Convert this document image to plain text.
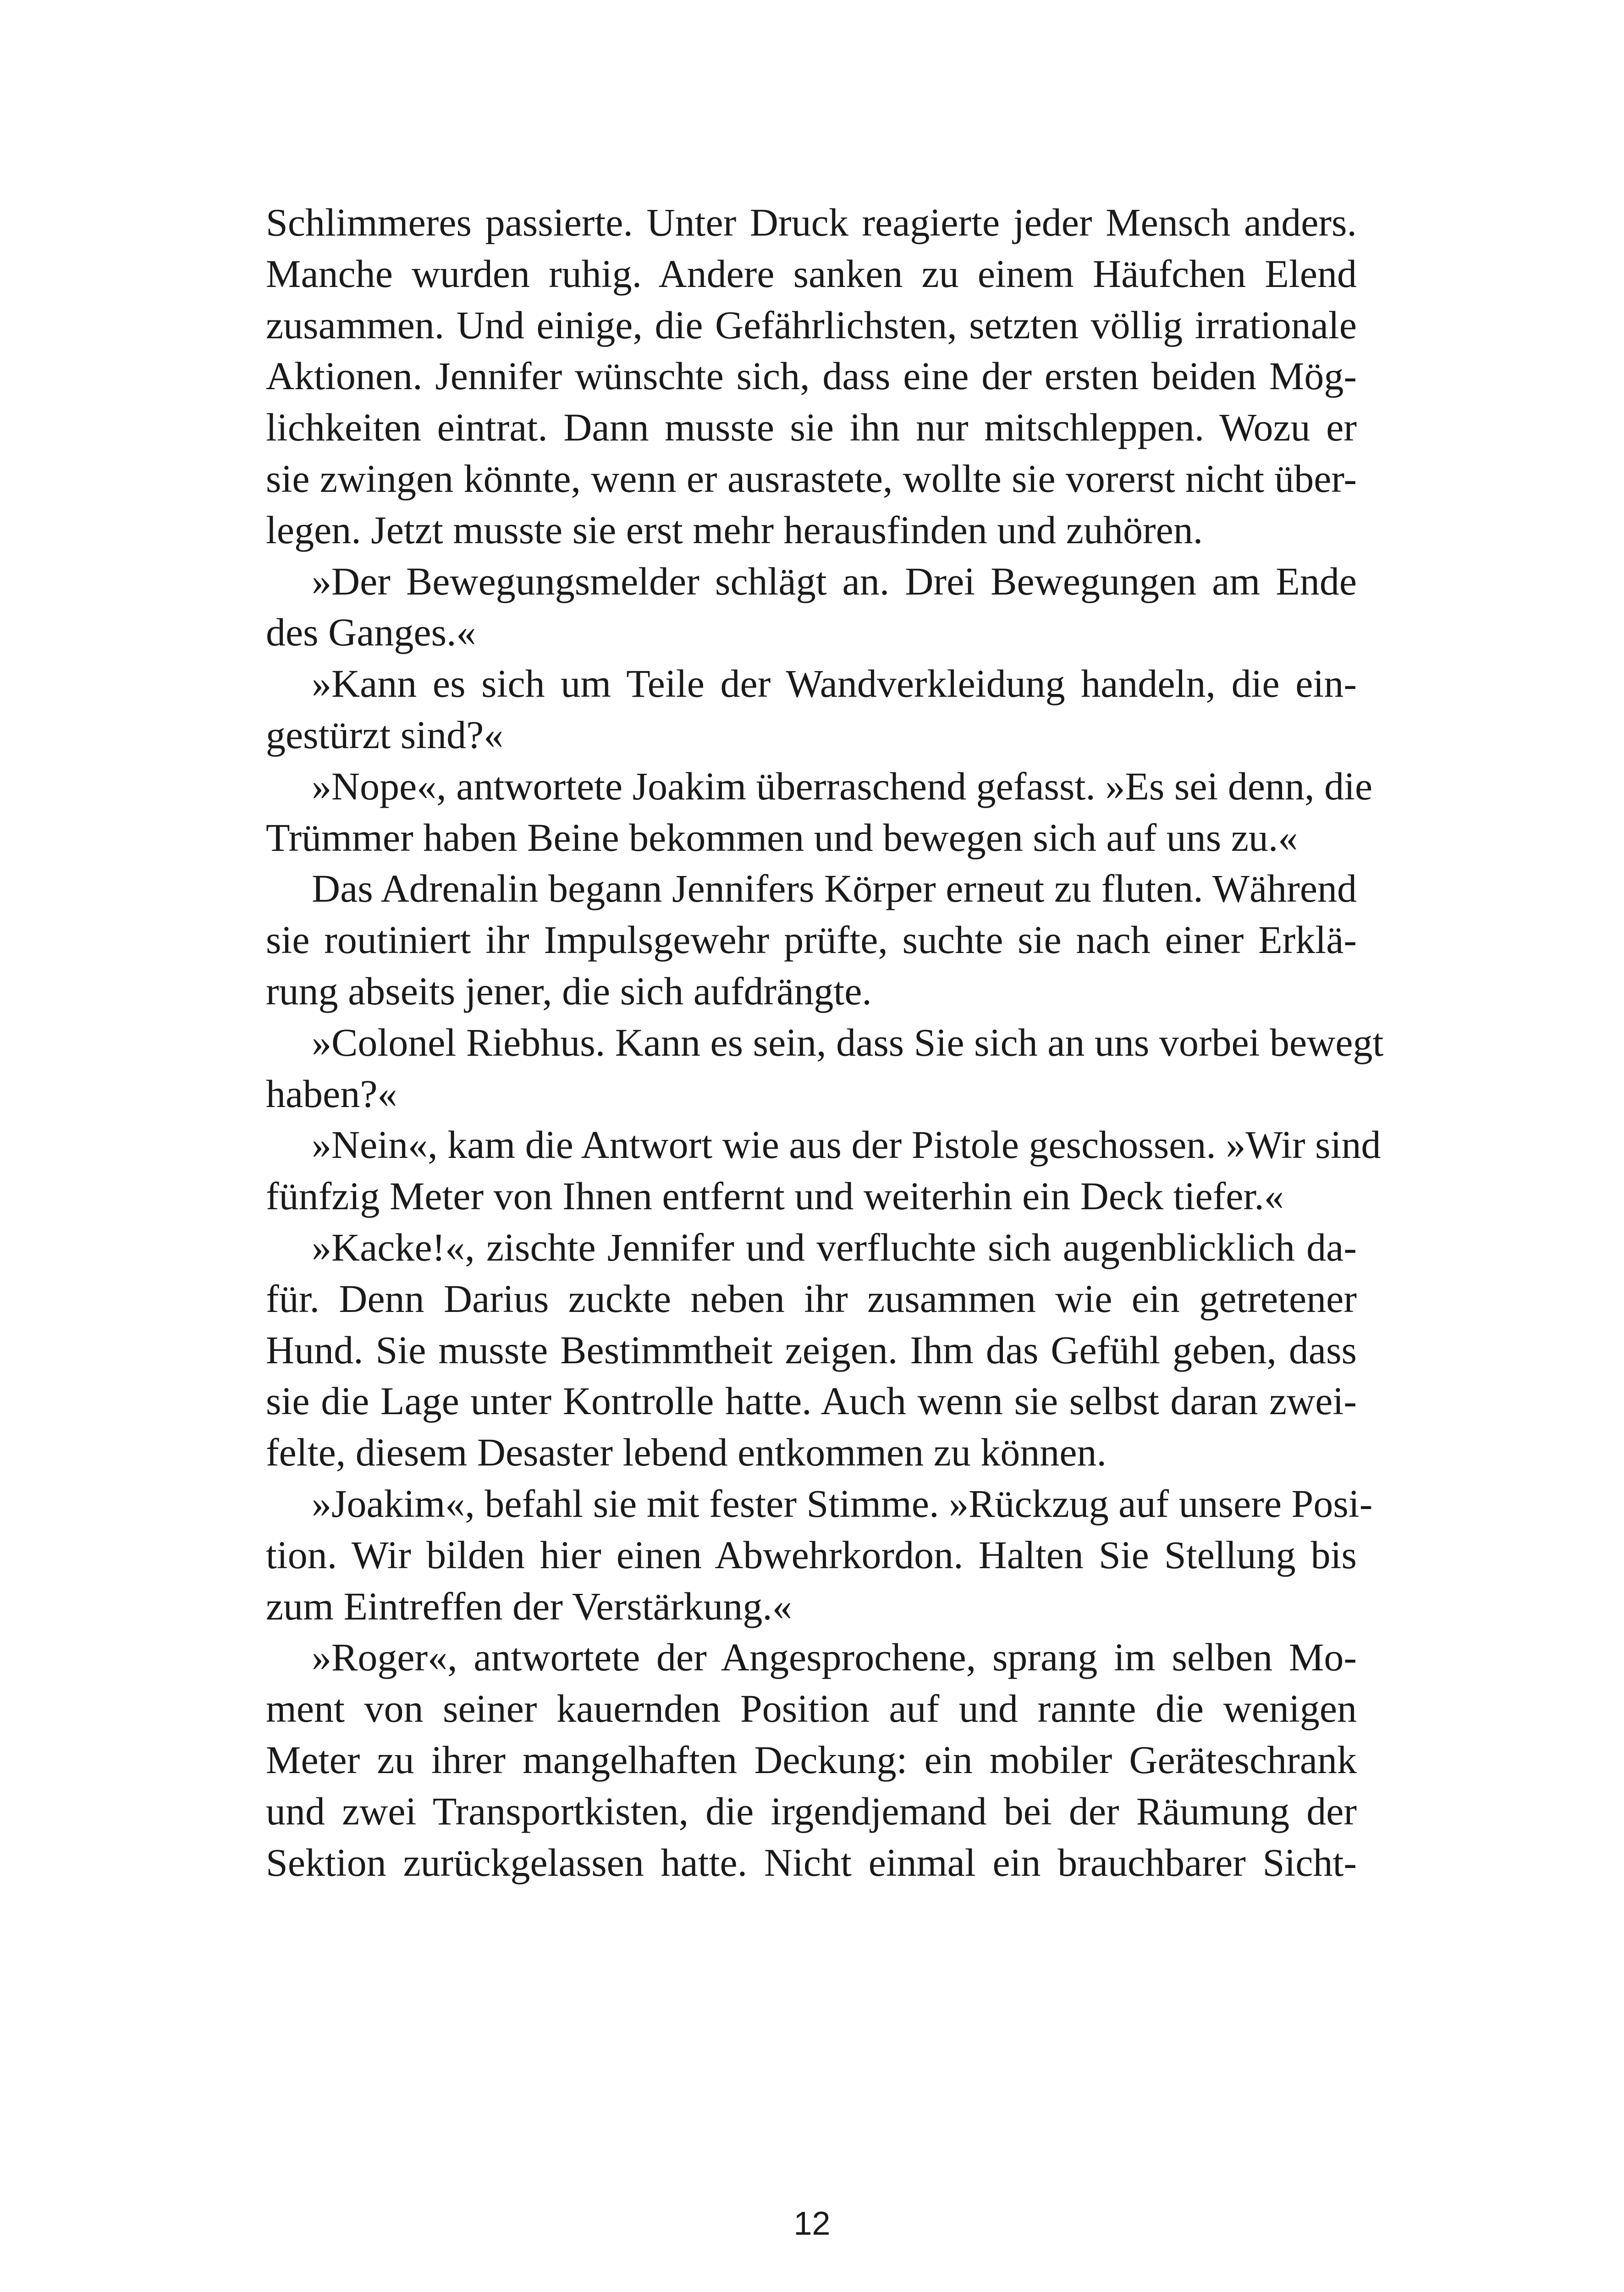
Schlimmeres passierte. Unter Druck reagierte jeder Mensch anders.
Manche wurden ruhig. Andere sanken zu einem Häufchen Elend
zusammen. Und einige, die Gefährlichsten, setzten völlig irrationale
Aktionen. Jennifer wünschte sich, dass eine der ersten beiden Mög-
lichkeiten eintrat. Dann musste sie ihn nur mitschleppen. Wozu er
sie zwingen könnte, wenn er ausrastete, wollte sie vorerst nicht über-
legen. Jetzt musste sie erst mehr herausfinden und zuhören.
»Der Bewegungsmelder schlägt an. Drei Bewegungen am Ende
des Ganges.«
»Kann es sich um Teile der Wandverkleidung handeln, die ein-
gestürzt sind?«
»Nope«, antwortete Joakim überraschend gefasst. »Es sei denn, die
Trümmer haben Beine bekommen und bewegen sich auf uns zu.«
Das Adrenalin begann Jennifers Körper erneut zu fluten. Während
sie routiniert ihr Impulsgewehr prüfte, suchte sie nach einer Erklä-
rung abseits jener, die sich aufdrängte.
»Colonel Riebhus. Kann es sein, dass Sie sich an uns vorbei bewegt
haben?«
»Nein«, kam die Antwort wie aus der Pistole geschossen. »Wir sind
fünfzig Meter von Ihnen entfernt und weiterhin ein Deck tiefer.«
»Kacke!«, zischte Jennifer und verfluchte sich augenblicklich da-
für. Denn Darius zuckte neben ihr zusammen wie ein getretener
Hund. Sie musste Bestimmtheit zeigen. Ihm das Gefühl geben, dass
sie die Lage unter Kontrolle hatte. Auch wenn sie selbst daran zwei-
felte, diesem Desaster lebend entkommen zu können.
»Joakim«, befahl sie mit fester Stimme. »Rückzug auf unsere Posi-
tion. Wir bilden hier einen Abwehrkordon. Halten Sie Stellung bis
zum Eintreffen der Verstärkung.«
»Roger«, antwortete der Angesprochene, sprang im selben Mo-
ment von seiner kauernden Position auf und rannte die wenigen
Meter zu ihrer mangelhaften Deckung: ein mobiler Geräteschrank
und zwei Transportkisten, die irgendjemand bei der Räumung der
Sektion zurückgelassen hatte. Nicht einmal ein brauchbarer Sicht-
12
